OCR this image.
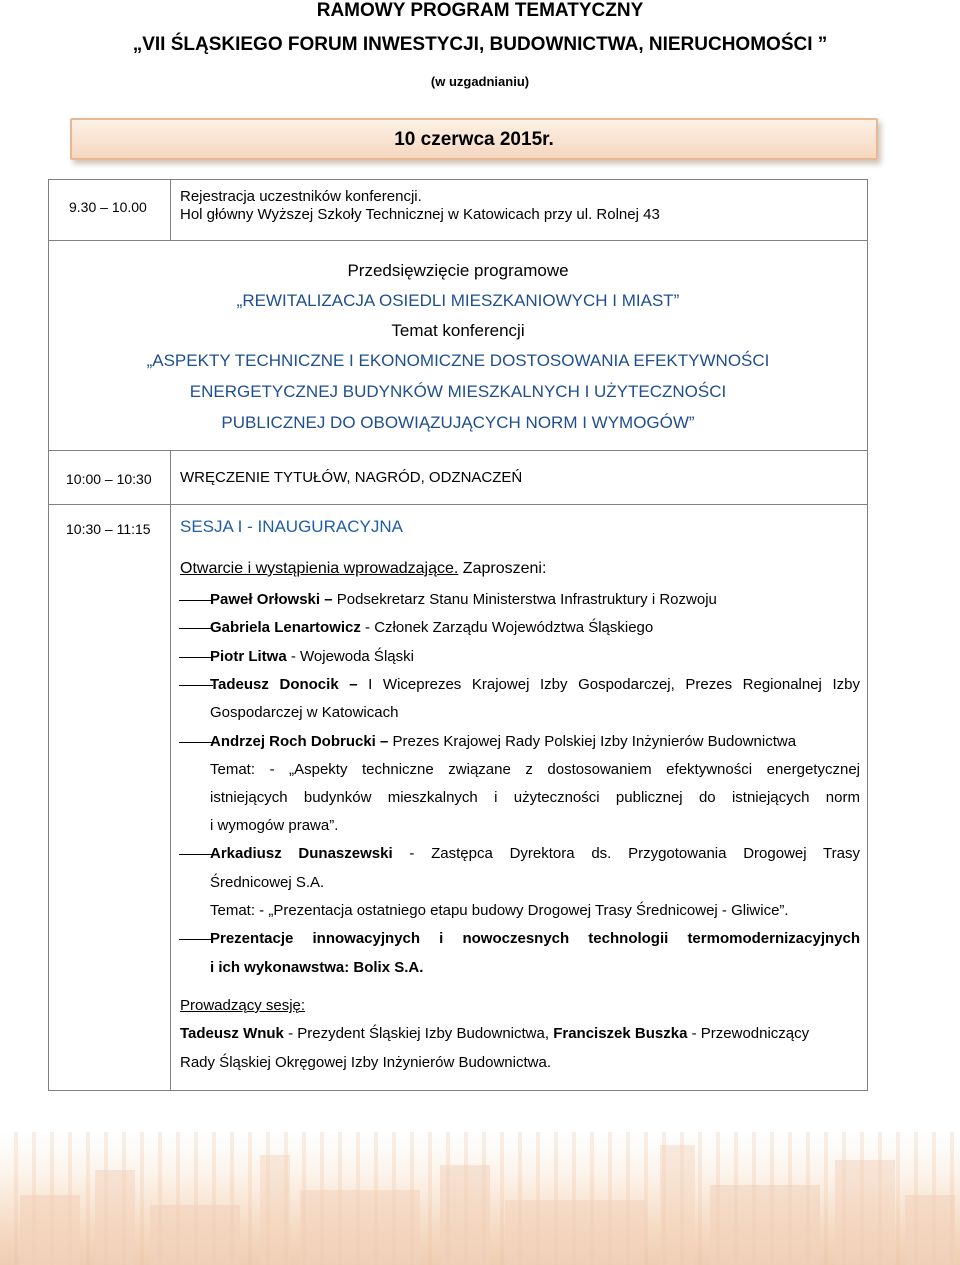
RAMOWY PROGRAM TEMATYCZNY
„VII ŚLĄSKIEGO FORUM INWESTYCJI, BUDOWNICTWA, NIERUCHOMOŚCI ”
(w uzgadnianiu)
10 czerwca 2015r.
9.30 – 10.00
Rejestracja uczestników konferencji.
Hol główny Wyższej Szkoły Technicznej w Katowicach przy ul. Rolnej 43
Przedsięwzięcie programowe
„REWITALIZACJA OSIEDLI MIESZKANIOWYCH I MIAST”
Temat konferencji
„ASPEKTY TECHNICZNE I EKONOMICZNE DOSTOSOWANIA EFEKTYWNOŚCI
ENERGETYCZNEJ BUDYNKÓW MIESZKALNYCH I UŻYTECZNOŚCI
PUBLICZNEJ DO OBOWIĄZUJĄCYCH NORM I WYMOGÓW”
10:00 – 10:30 WRĘCZENIE TYTUŁÓW, NAGRÓD, ODZNACZEŃ
10:30 – 11:15 SESJA I - INAUGURACYJNA
Otwarcie i wystąpienia wprowadzające. Zaproszeni:
Paweł Orłowski – Podsekretarz Stanu Ministerstwa Infrastruktury i Rozwoju
Gabriela Lenartowicz - Członek Zarządu Województwa Śląskiego
Piotr Litwa - Wojewoda Śląski
Tadeusz Donocik – I Wiceprezes Krajowej Izby Gospodarczej, Prezes Regionalnej Izby
Gospodarczej w Katowicach
Andrzej Roch Dobrucki – Prezes Krajowej Rady Polskiej Izby Inżynierów Budownictwa
Temat: - „Aspekty techniczne związane z dostosowaniem efektywności energetycznej
istniejących budynków mieszkalnych i użyteczności publicznej do istniejących norm
i wymogów prawa”.
Arkadiusz Dunaszewski - Zastępca Dyrektora ds. Przygotowania Drogowej Trasy
Średnicowej S.A.
Temat: - „Prezentacja ostatniego etapu budowy Drogowej Trasy Średnicowej - Gliwice”.
Prezentacje innowacyjnych i nowoczesnych technologii termomodernizacyjnych
i ich wykonawstwa: Bolix S.A.
Prowadzący sesję:
Tadeusz Wnuk - Prezydent Śląskiej Izby Budownictwa, Franciszek Buszka - Przewodniczący
Rady Śląskiej Okręgowej Izby Inżynierów Budownictwa.
